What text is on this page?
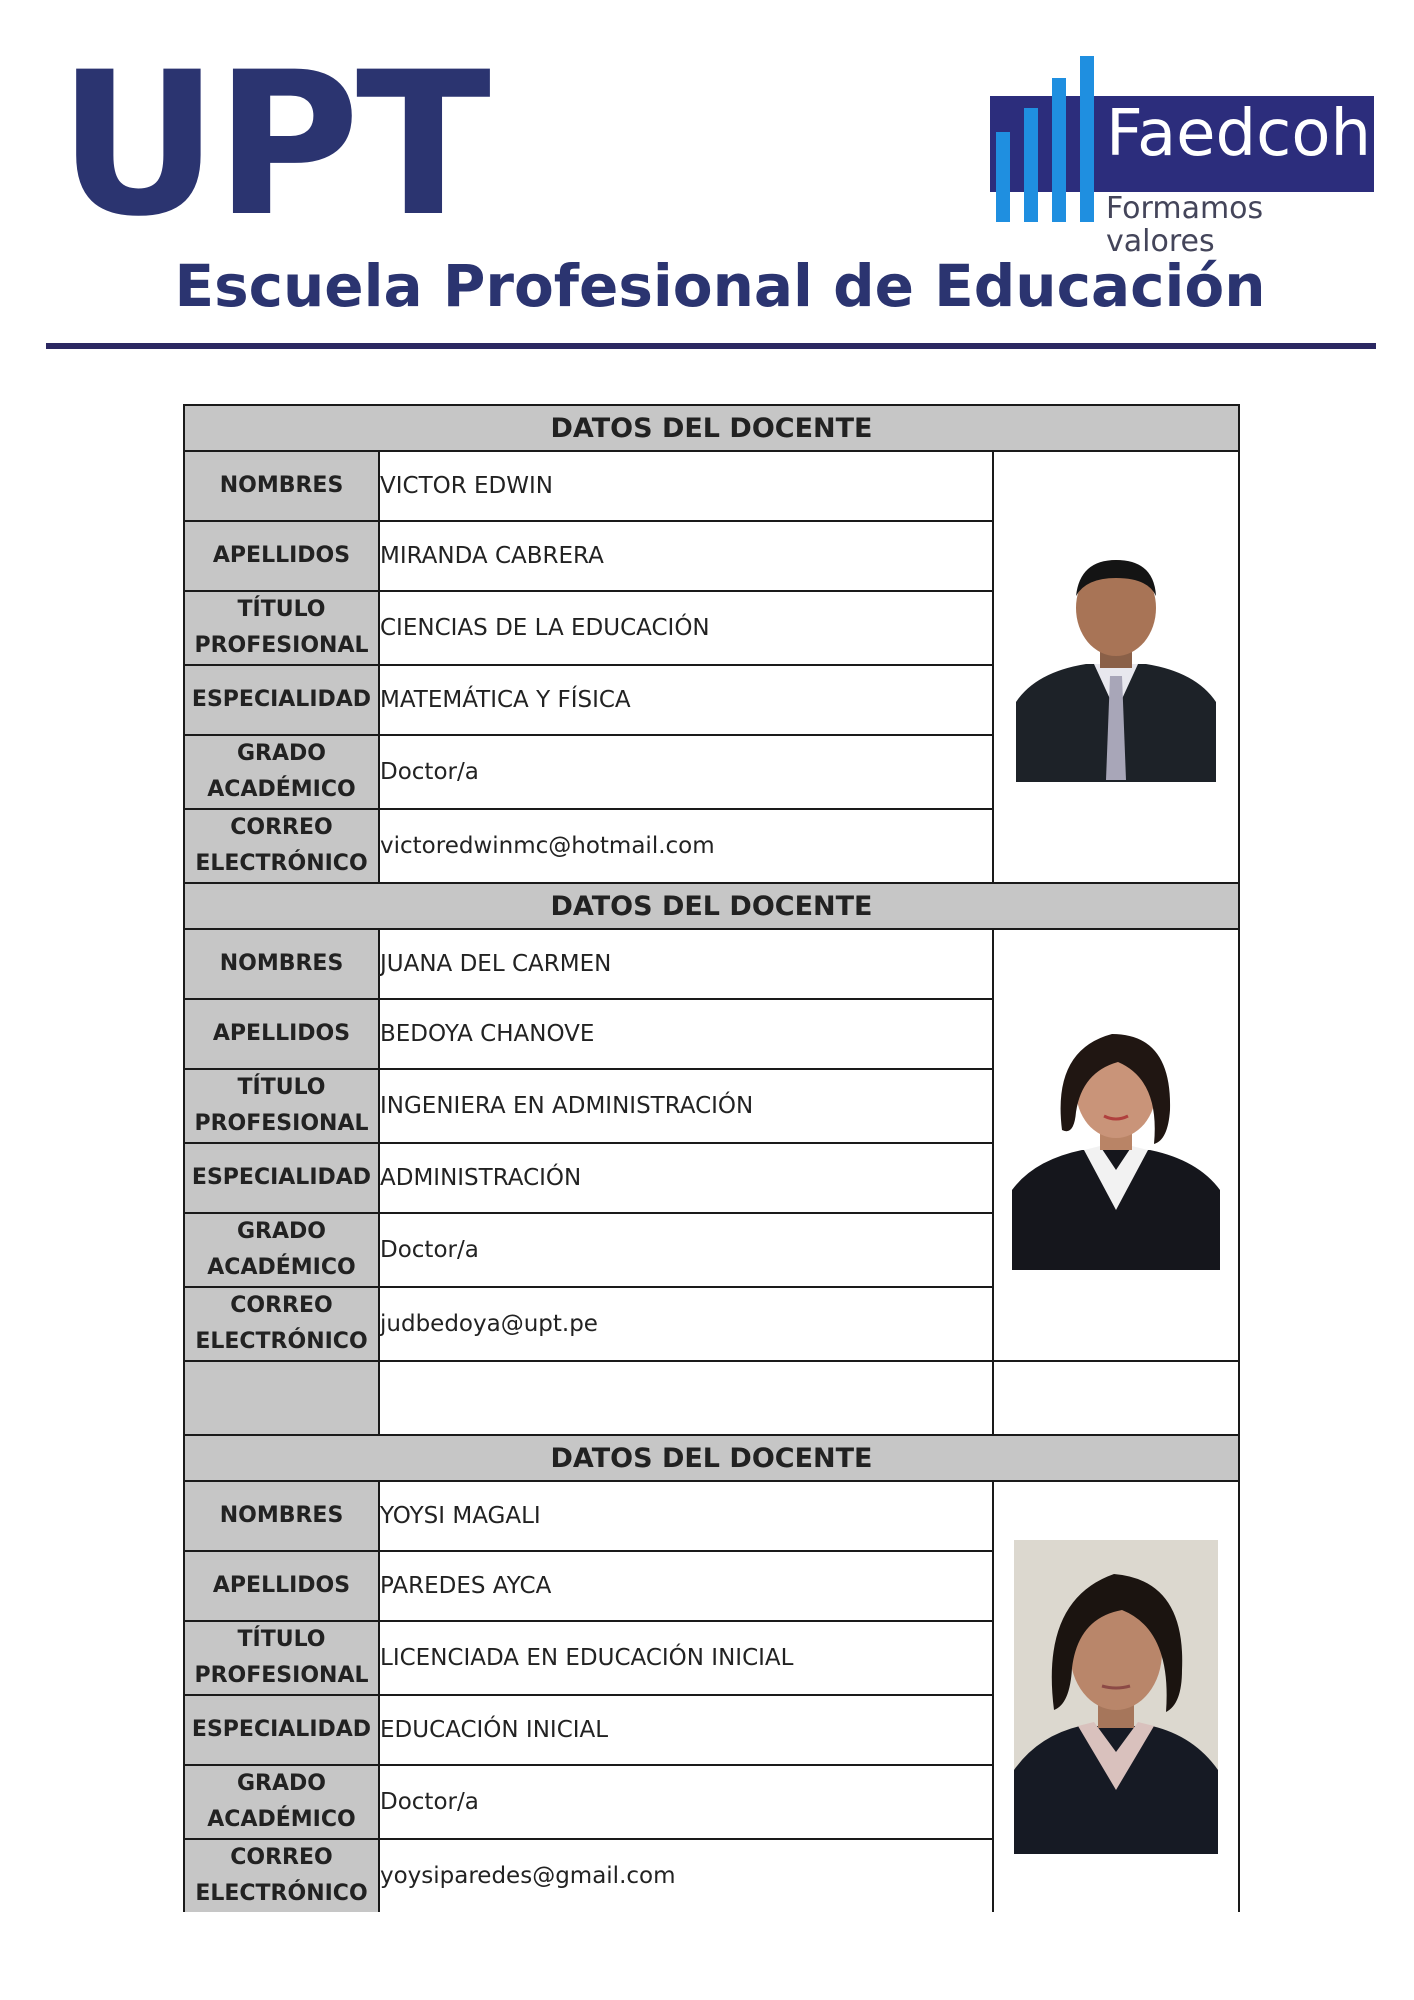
UPT	Faedcoh
Formamos valores
Escuela Profesional de Educación
DATOS DEL DOCENTE		
NOMBRES	VICTOR EDWIN	

APELLIDOS	MIRANDA CABRERA	
TÍTULO PROFESIONAL	CIENCIAS DE LA EDUCACIÓN	
ESPECIALIDAD	MATEMÁTICA Y FÍSICA	
GRADO ACADÉMICO	Doctor/a	
CORREO ELECTRÓNICO	victoredwinmc@hotmail.com	
DATOS DEL DOCENTE		
NOMBRES	JUANA DEL CARMEN	

APELLIDOS	BEDOYA CHANOVE	
TÍTULO PROFESIONAL	INGENIERA EN ADMINISTRACIÓN	
ESPECIALIDAD	ADMINISTRACIÓN	
GRADO ACADÉMICO	Doctor/a	
CORREO ELECTRÓNICO	judbedoya@upt.pe	

DATOS DEL DOCENTE		
NOMBRES	YOYSI MAGALI	

APELLIDOS	PAREDES AYCA	
TÍTULO PROFESIONAL	LICENCIADA EN EDUCACIÓN INICIAL	
ESPECIALIDAD	EDUCACIÓN INICIAL	
GRADO ACADÉMICO	Doctor/a	
CORREO ELECTRÓNICO	yoysiparedes@gmail.com	
